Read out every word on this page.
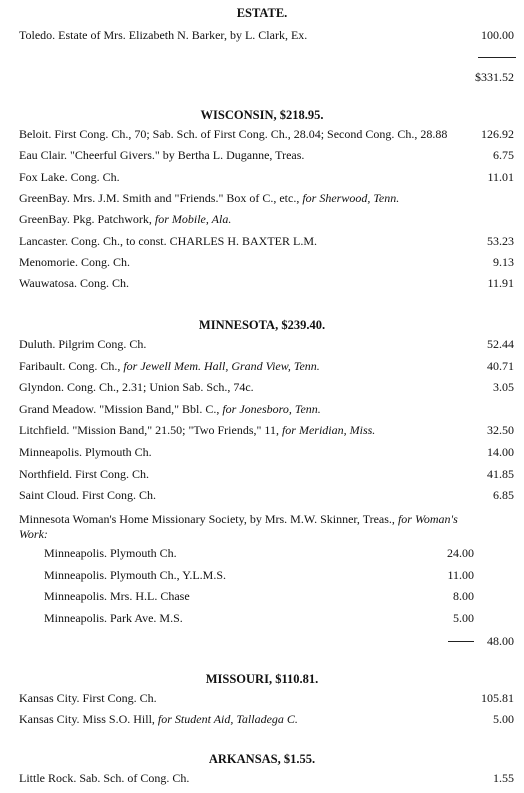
ESTATE.
Toledo. Estate of Mrs. Elizabeth N. Barker, by L. Clark, Ex.	100.00
$331.52
WISCONSIN, $218.95.
Beloit. First Cong. Ch., 70; Sab. Sch. of First Cong. Ch., 28.04; Second Cong. Ch., 28.88	126.92
Eau Clair. "Cheerful Givers." by Bertha L. Duganne, Treas.	6.75
Fox Lake. Cong. Ch.	11.01
GreenBay. Mrs. J.M. Smith and "Friends." Box of C., etc., for Sherwood, Tenn.
GreenBay. Pkg. Patchwork, for Mobile, Ala.
Lancaster. Cong. Ch., to const. CHARLES H. BAXTER L.M.	53.23
Menomorie. Cong. Ch.	9.13
Wauwatosa. Cong. Ch.	11.91
MINNESOTA, $239.40.
Duluth. Pilgrim Cong. Ch.	52.44
Faribault. Cong. Ch., for Jewell Mem. Hall, Grand View, Tenn.	40.71
Glyndon. Cong. Ch., 2.31; Union Sab. Sch., 74c.	3.05
Grand Meadow. "Mission Band," Bbl. C., for Jonesboro, Tenn.
Litchfield. "Mission Band," 21.50; "Two Friends," 11, for Meridian, Miss.	32.50
Minneapolis. Plymouth Ch.	14.00
Northfield. First Cong. Ch.	41.85
Saint Cloud. First Cong. Ch.	6.85
Minnesota Woman's Home Missionary Society, by Mrs. M.W. Skinner, Treas., for Woman's Work:
Minneapolis. Plymouth Ch.	24.00
Minneapolis. Plymouth Ch., Y.L.M.S.	11.00
Minneapolis. Mrs. H.L. Chase	8.00
Minneapolis. Park Ave. M.S.	5.00
48.00
MISSOURI, $110.81.
Kansas City. First Cong. Ch.	105.81
Kansas City. Miss S.O. Hill, for Student Aid, Talladega C.	5.00
ARKANSAS, $1.55.
Little Rock. Sab. Sch. of Cong. Ch.	1.55
